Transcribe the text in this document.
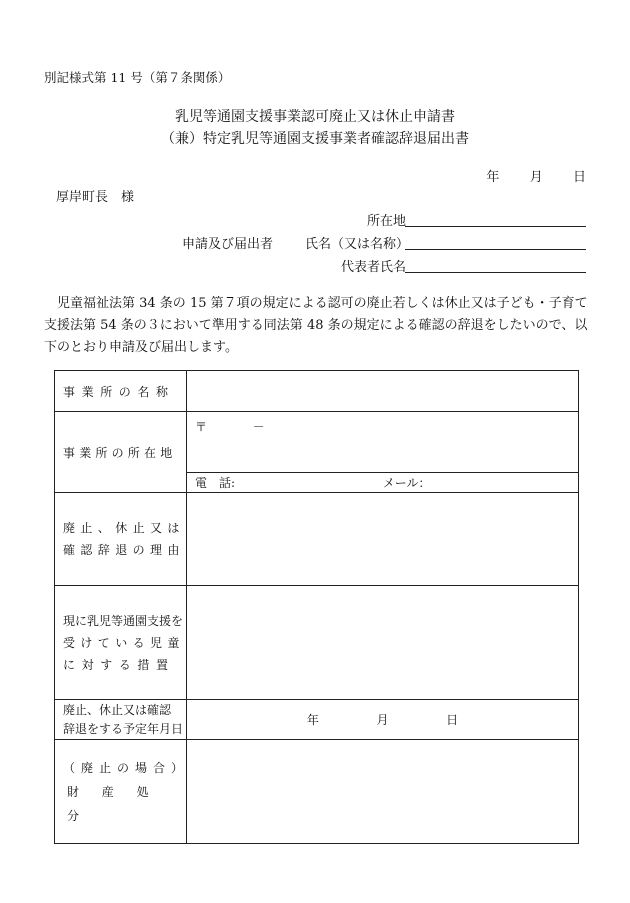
別記様式第 11 号（第７条関係）
乳児等通園支援事業認可廃止又は休止申請書
（兼）特定乳児等通園支援事業者確認辞退届出書
年 月 日
厚岸町長　様
所在地
申請及び届出者 氏名（又は名称）
代表者氏名
児童福祉法第 34 条の 15 第７項の規定による認可の廃止若しくは休止又は子ども・子育て支援法第 54 条の３において準用する同法第 48 条の規定による確認の辞退をしたいので、以下のとおり申請及び届出します。
事業所の名称	
事業所の所在地	〒 －
	電　話: メール：

廃止、休止又は
確認辞退の理由	

現に乳児等通園支援を
受けている児童
に対する措置	

廃止、休止又は確認
辞退をする予定年月日	年 月 日

（廃止の場合）
財産処分	
